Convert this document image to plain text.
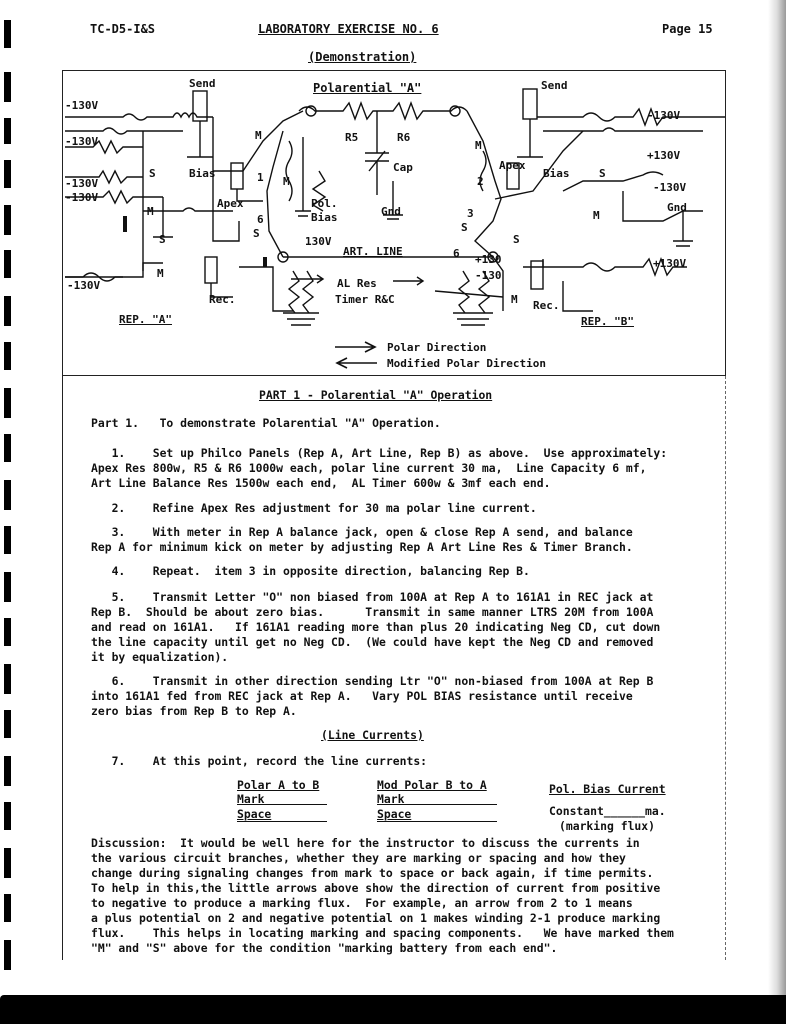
TC-D5-I&S	LABORATORY EXERCISE NO. 6	Page 15
(Demonstration)
Send	Polarential "A"	Send
-130V
-130V
-130V
-130V
-130V
-130V
+130V
-130V
+130V
+130
-130
130V
R5	R6
Cap
Gnd	Gnd
Bias	Bias
Apex
Apex
Pol.
Bias
ART. LINE
AL Res
Timer R&C
Rec.	Rec.
REP. "A"	REP. "B"
M
M
M
M
M
M
M
S
S	S
S
S
S
1	2
3
6
6
Polar Direction
Modified Polar Direction
PART 1 - Polarential "A" Operation
Part 1.   To demonstrate Polarential "A" Operation.
1.    Set up Philco Panels (Rep A, Art Line, Rep B) as above.  Use approximately:
Apex Res 800w, R5 & R6 1000w each, polar line current 30 ma,  Line Capacity 6 mf,
Art Line Balance Res 1500w each end,  AL Timer 600w & 3mf each end.
2.    Refine Apex Res adjustment for 30 ma polar line current.
3.    With meter in Rep A balance jack, open & close Rep A send, and balance
Rep A for minimum kick on meter by adjusting Rep A Art Line Res & Timer Branch.
4.    Repeat.  item 3 in opposite direction, balancing Rep B.
5.    Transmit Letter "O" non biased from 100A at Rep A to 161A1 in REC jack at
Rep B.  Should be about zero bias.      Transmit in same manner LTRS 20M from 100A
and read on 161A1.   If 161A1 reading more than plus 20 indicating Neg CD, cut down
the line capacity until get no Neg CD.  (We could have kept the Neg CD and removed
it by equalization).
6.    Transmit in other direction sending Ltr "O" non-biased from 100A at Rep B
into 161A1 fed from REC jack at Rep A.   Vary POL BIAS resistance until receive
zero bias from Rep B to Rep A.
(Line Currents)
7.    At this point, record the line currents:
Polar A to B
Mark
Space
Mod Polar B to A
Mark
Space
Pol. Bias Current
Constant______ma.
(marking flux)
Discussion:  It would be well here for the instructor to discuss the currents in
the various circuit branches, whether they are marking or spacing and how they
change during signaling changes from mark to space or back again, if time permits.
To help in this,the little arrows above show the direction of current from positive
to negative to produce a marking flux.  For example, an arrow from 2 to 1 means
a plus potential on 2 and negative potential on 1 makes winding 2-1 produce marking
flux.    This helps in locating marking and spacing components.   We have marked them
"M" and "S" above for the condition "marking battery from each end".
